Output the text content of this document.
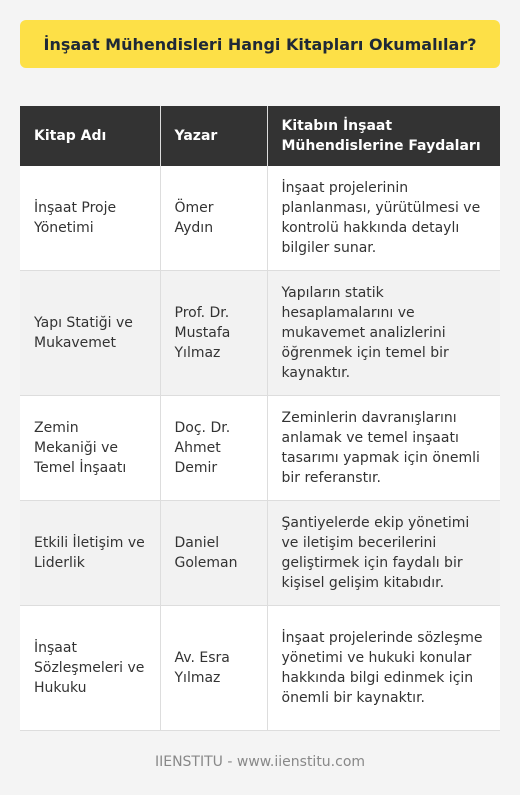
İnşaat Mühendisleri Hangi Kitapları Okumalılar?
Kitap Adı	Yazar	Kitabın İnşaat Mühendislerine Faydaları
İnşaat Proje Yönetimi	Ömer Aydın	İnşaat projelerinin planlanması, yürütülmesi ve kontrolü hakkında detaylı bilgiler sunar.
Yapı Statiği ve Mukavemet	Prof. Dr. Mustafa Yılmaz	Yapıların statik hesaplamalarını ve mukavemet analizlerini öğrenmek için temel bir kaynaktır.
Zemin Mekaniği ve Temel İnşaatı	Doç. Dr. Ahmet Demir	Zeminlerin davranışlarını anlamak ve temel inşaatı tasarımı yapmak için önemli bir referanstır.
Etkili İletişim ve Liderlik	Daniel Goleman	Şantiyelerde ekip yönetimi ve iletişim becerilerini geliştirmek için faydalı bir kişisel gelişim kitabıdır.
İnşaat Sözleşmeleri ve Hukuku	Av. Esra Yılmaz	İnşaat projelerinde sözleşme yönetimi ve hukuki konular hakkında bilgi edinmek için önemli bir kaynaktır.
IIENSTITU - www.iienstitu.com
